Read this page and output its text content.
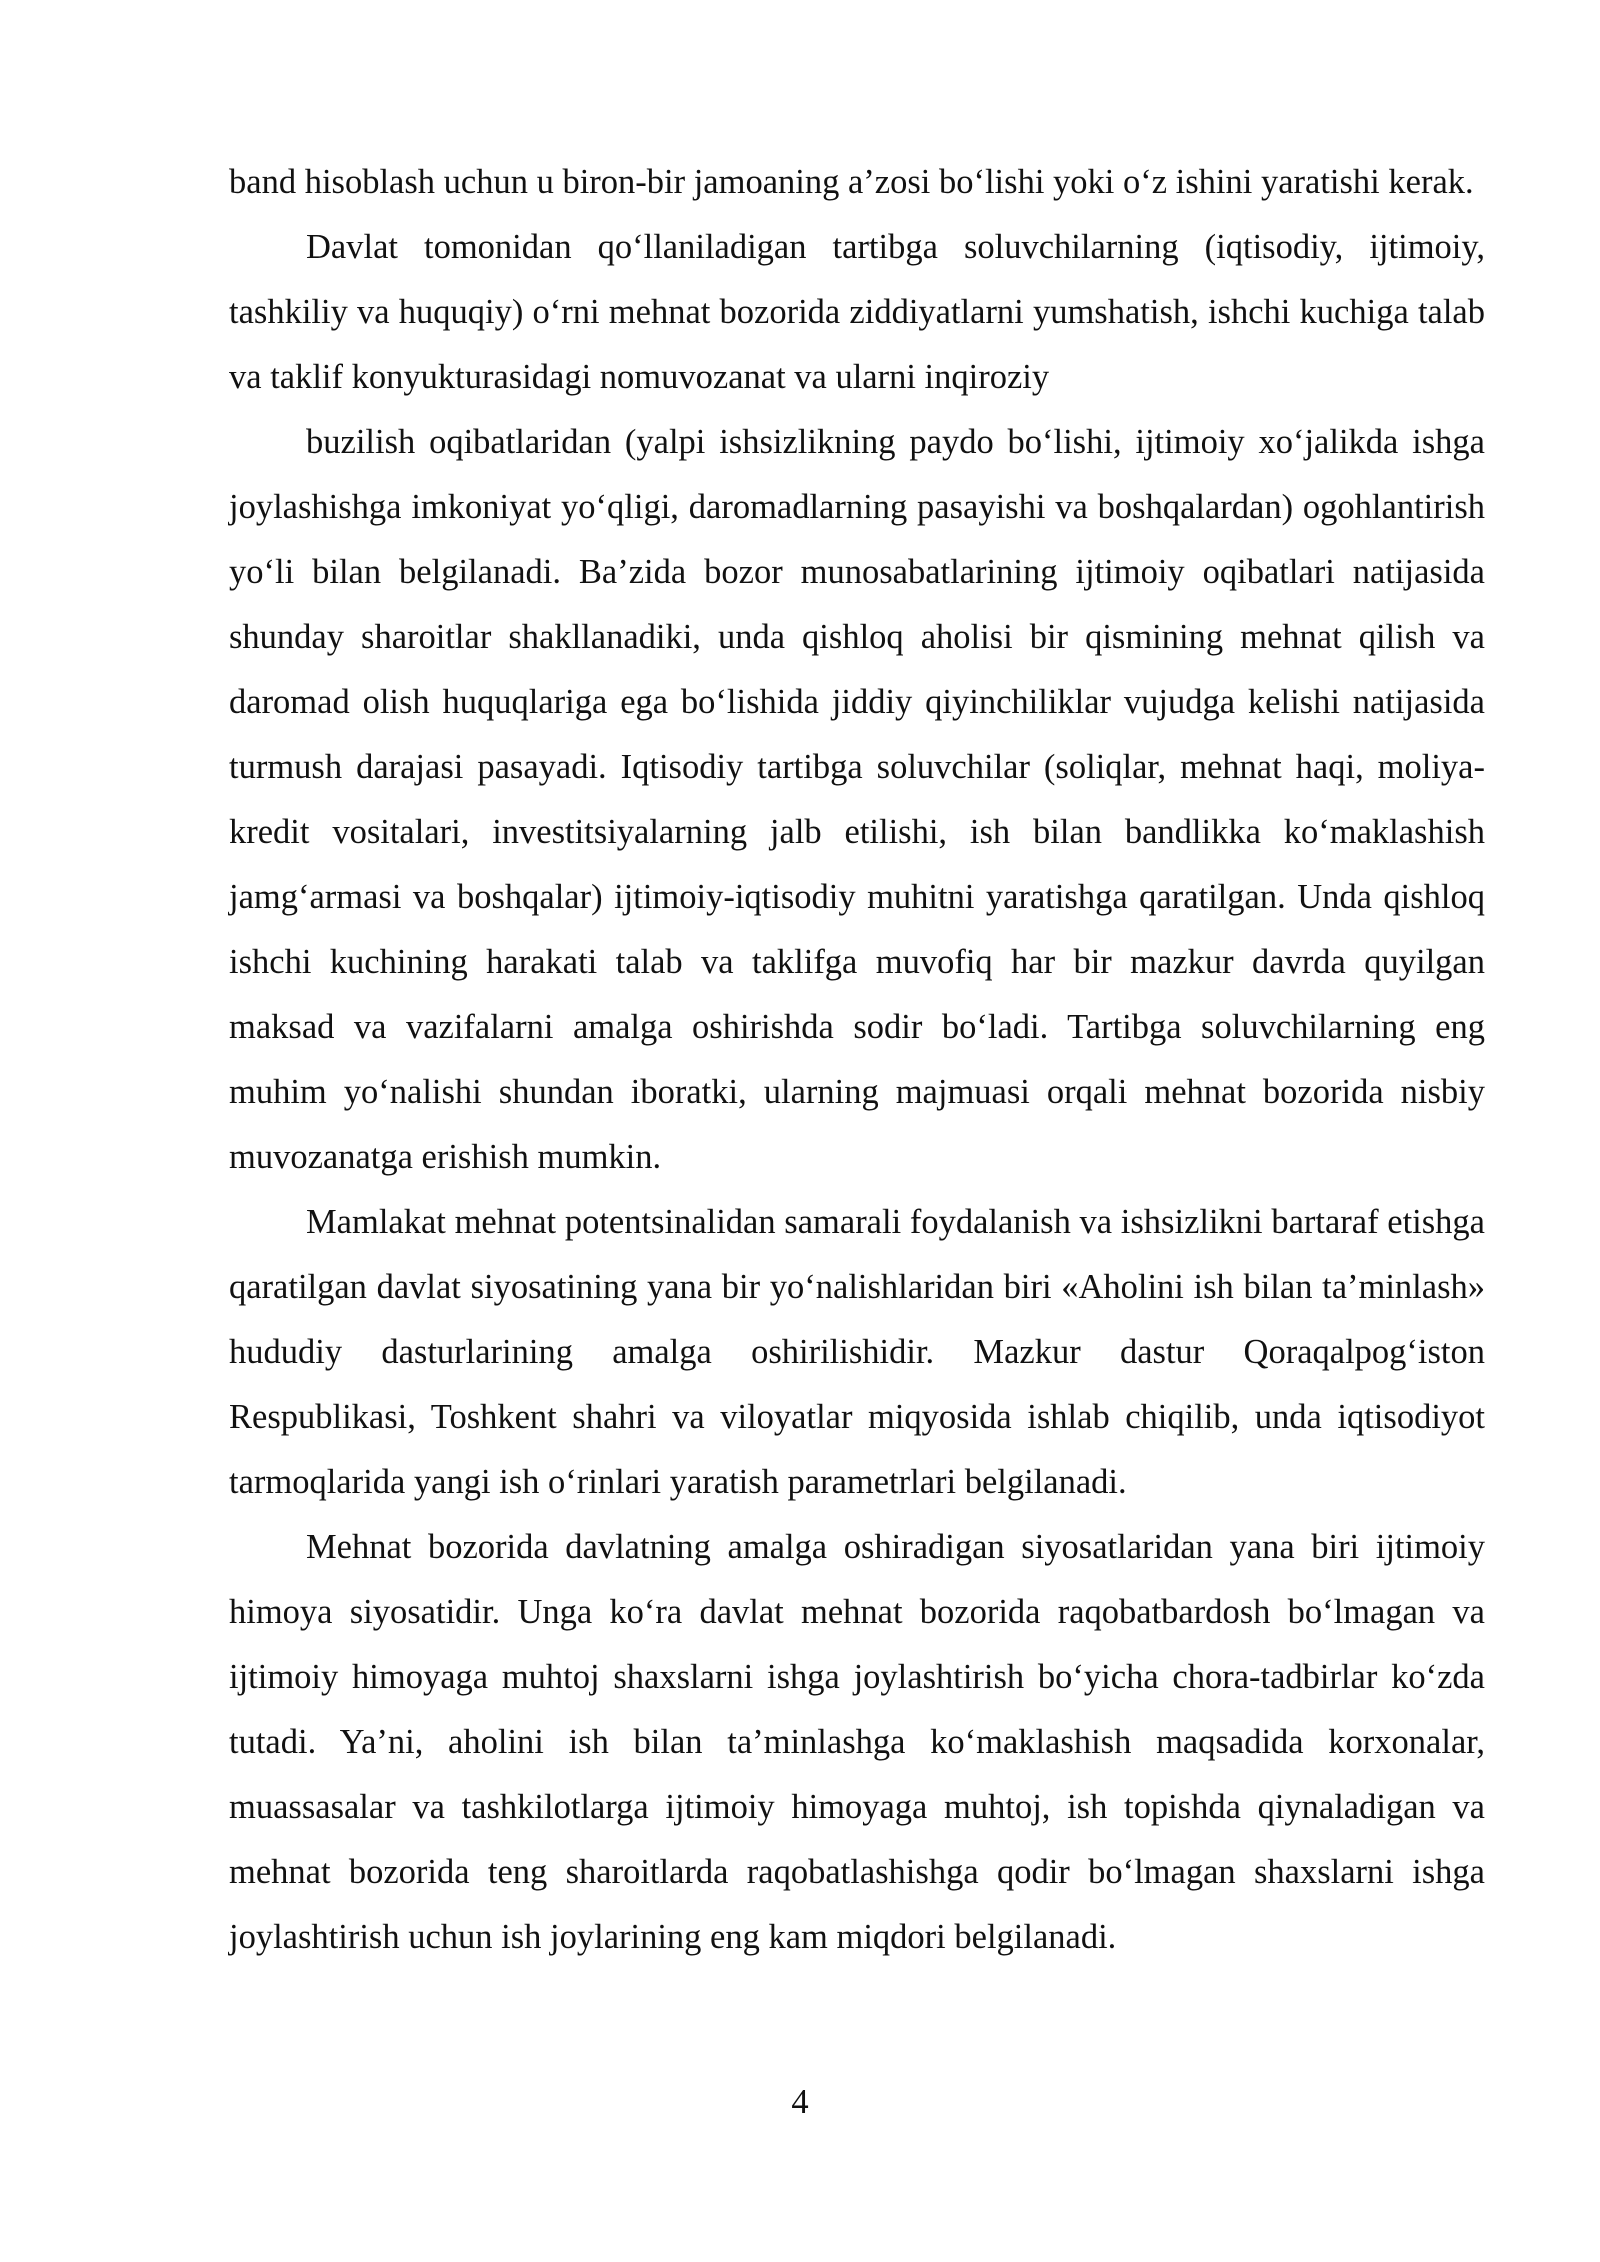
band hisoblash uchun u biron-bir jamoaning a’zosi bo‘lishi yoki o‘z ishini yaratishi kerak.

Davlat tomonidan qo‘llaniladigan tartibga soluvchilarning (iqtisodiy, ijtimoiy, tashkiliy va huquqiy) o‘rni mehnat bozorida ziddiyatlarni yumshatish, ishchi kuchiga talab va taklif konyukturasidagi nomuvozanat va ularni inqiroziy

buzilish oqibatlaridan (yalpi ishsizlikning paydo bo‘lishi, ijtimoiy xo‘jalikda ishga joylashishga imkoniyat yo‘qligi, daromadlarning pasayishi va boshqalardan) ogohlantirish yo‘li bilan belgilanadi. Ba’zida bozor munosabatlarining ijtimoiy oqibatlari natijasida shunday sharoitlar shakllanadiki, unda qishloq aholisi bir qismining mehnat qilish va daromad olish huquqlariga ega bo‘lishida jiddiy qiyinchiliklar vujudga kelishi natijasida turmush darajasi pasayadi. Iqtisodiy tartibga soluvchilar (soliqlar, mehnat haqi, moliya-kredit vositalari, investitsiyalarning jalb etilishi, ish bilan bandlikka ko‘maklashish jamg‘armasi va boshqalar) ijtimoiy-iqtisodiy muhitni yaratishga qaratilgan. Unda qishloq ishchi kuchining harakati talab va taklifga muvofiq har bir mazkur davrda quyilgan maksad va vazifalarni amalga oshirishda sodir bo‘ladi. Tartibga soluvchilarning eng muhim yo‘nalishi shundan iboratki, ularning majmuasi orqali mehnat bozorida nisbiy muvozanatga erishish mumkin.

Mamlakat mehnat potentsinalidan samarali foydalanish va ishsizlikni bartaraf etishga qaratilgan davlat siyosatining yana bir yo‘nalishlaridan biri «Aholini ish bilan ta’minlash» hududiy dasturlarining amalga oshirilishidir. Mazkur dastur Qoraqalpog‘iston Respublikasi, Toshkent shahri va viloyatlar miqyosida ishlab chiqilib, unda iqtisodiyot tarmoqlarida yangi ish o‘rinlari yaratish parametrlari belgilanadi.

Mehnat bozorida davlatning amalga oshiradigan siyosatlaridan yana biri ijtimoiy himoya siyosatidir. Unga ko‘ra davlat mehnat bozorida raqobatbardosh bo‘lmagan va ijtimoiy himoyaga muhtoj shaxslarni ishga joylashtirish bo‘yicha chora-tadbirlar ko‘zda tutadi. Ya’ni, aholini ish bilan ta’minlashga ko‘maklashish maqsadida korxonalar, muassasalar va tashkilotlarga ijtimoiy himoyaga muhtoj, ish topishda qiynaladigan va mehnat bozorida teng sharoitlarda raqobatlashishga qodir bo‘lmagan shaxslarni ishga joylashtirish uchun ish joylarining eng kam miqdori belgilanadi.

4
